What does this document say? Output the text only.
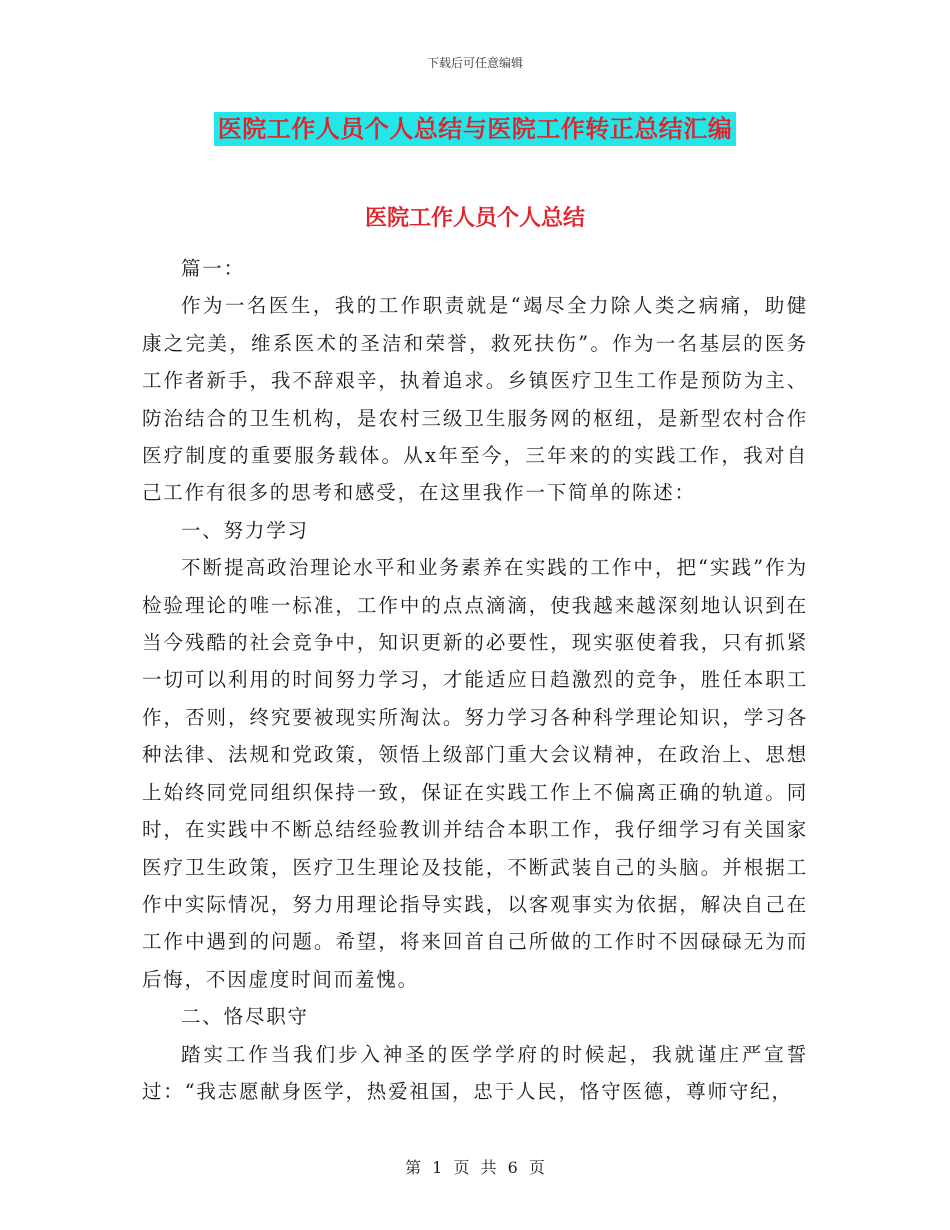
下载后可任意编辑
医院工作人员个人总结与医院工作转正总结汇编
医院工作人员个人总结

篇一：

作为一名医生，我的工作职责就是“竭尽全力除人类之病痛，助健康之完美，维系医术的圣洁和荣誉，救死扶伤”。作为一名基层的医务工作者新手，我不辞艰辛，执着追求。乡镇医疗卫生工作是预防为主、防治结合的卫生机构，是农村三级卫生服务网的枢纽，是新型农村合作医疗制度的重要服务载体。从x年至今，三年来的的实践工作，我对自己工作有很多的思考和感受，在这里我作一下简单的陈述：

一、努力学习

不断提高政治理论水平和业务素养在实践的工作中，把“实践”作为检验理论的唯一标准，工作中的点点滴滴，使我越来越深刻地认识到在当今残酷的社会竞争中，知识更新的必要性，现实驱使着我，只有抓紧一切可以利用的时间努力学习，才能适应日趋激烈的竞争，胜任本职工作，否则，终究要被现实所淘汰。努力学习各种科学理论知识，学习各种法律、法规和党政策，领悟上级部门重大会议精神，在政治上、思想上始终同党同组织保持一致，保证在实践工作上不偏离正确的轨道。同时，在实践中不断总结经验教训并结合本职工作，我仔细学习有关国家医疗卫生政策，医疗卫生理论及技能，不断武装自己的头脑。并根据工作中实际情况，努力用理论指导实践，以客观事实为依据，解决自己在工作中遇到的问题。希望，将来回首自己所做的工作时不因碌碌无为而后悔，不因虚度时间而羞愧。

二、恪尽职守

踏实工作当我们步入神圣的医学学府的时候起，我就谨庄严宣誓过：“我志愿献身医学，热爱祖国，忠于人民，恪守医德，尊师守纪，

第 1 页 共 6 页
